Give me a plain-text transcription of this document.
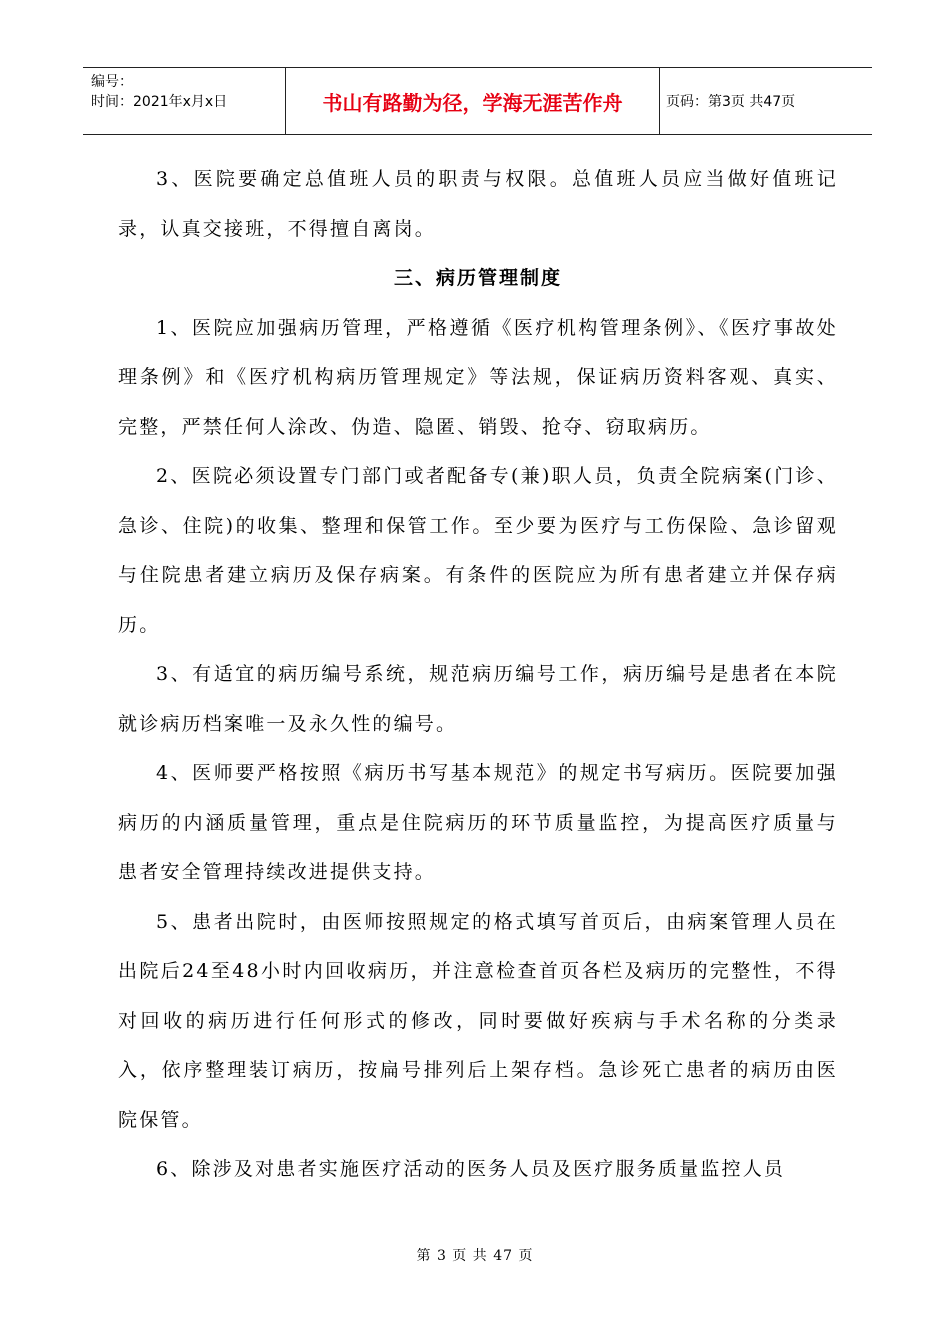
编号：
时间：2021年x月x日	书山有路勤为径，学海无涯苦作舟	页码：第3页 共47页

3、医院要确定总值班人员的职责与权限。总值班人员应当做好值班记录，认真交接班，不得擅自离岗。

三、病历管理制度

1、医院应加强病历管理，严格遵循《医疗机构管理条例》、《医疗事故处理条例》和《医疗机构病历管理规定》等法规，保证病历资料客观、真实、完整，严禁任何人涂改、伪造、隐匿、销毁、抢夺、窃取病历。

2、医院必须设置专门部门或者配备专(兼)职人员，负责全院病案(门诊、急诊、住院)的收集、整理和保管工作。至少要为医疗与工伤保险、急诊留观与住院患者建立病历及保存病案。有条件的医院应为所有患者建立并保存病历。

3、有适宜的病历编号系统，规范病历编号工作，病历编号是患者在本院就诊病历档案唯一及永久性的编号。

4、医师要严格按照《病历书写基本规范》的规定书写病历。医院要加强病历的内涵质量管理，重点是住院病历的环节质量监控，为提高医疗质量与患者安全管理持续改进提供支持。

5、患者出院时，由医师按照规定的格式填写首页后，由病案管理人员在出院后24至48小时内回收病历，并注意检查首页各栏及病历的完整性，不得对回收的病历进行任何形式的修改，同时要做好疾病与手术名称的分类录入，依序整理装订病历，按扁号排列后上架存档。急诊死亡患者的病历由医院保管。

6、除涉及对患者实施医疗活动的医务人员及医疗服务质量监控人员

第 3 页 共 47 页
